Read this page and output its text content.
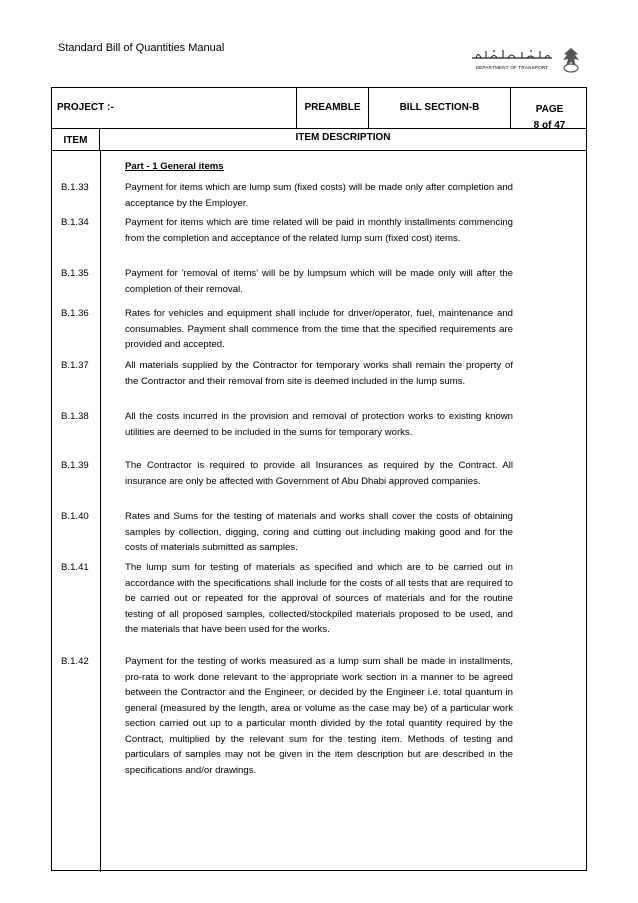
Standard Bill of Quantities Manual
DEPARTMENT OF TRANSPORT
PROJECT :-	PREAMBLE	BILL SECTION-B	PAGE
8 of 47
ITEM	ITEM DESCRIPTION
Part - 1 General items
B.1.33	Payment for items which are lump sum (fixed costs) will be made only after completion and acceptance by the Employer.
B.1.34	Payment for items which are time related will be paid in monthly installments commencing from the completion and acceptance of the related lump sum (fixed cost) items.
B.1.35	Payment for 'removal of items' will be by lumpsum which will be made only will after the completion of their removal.
B.1.36	Rates for vehicles and equipment shall include for driver/operator, fuel, maintenance and consumables. Payment shall commence from the time that the specified requirements are provided and accepted.
B.1.37	All materials supplied by the Contractor for temporary works shall remain the property of the Contractor and their removal from site is deemed included in the lump sums.
B.1.38	All the costs incurred in the provision and removal of protection works to existing known utilities are deemed to be included in the sums for temporary works.
B.1.39	The Contractor is required to provide all Insurances as required by the Contract. All insurance are only be affected with Government of Abu Dhabi approved companies.
B.1.40	Rates and Sums for the testing of materials and works shall cover the costs of obtaining samples by collection, digging, coring and cutting out including making good and for the costs of materials submitted as samples.
B.1.41	The lump sum for testing of materials as specified and which are to be carried out in accordance with the specifications shall include for the costs of all tests that are required to be carried out or repeated for the approval of sources of materials and for the routine testing of all proposed samples, collected/stockpiled materials proposed to be used, and the materials that have been used for the works.
B.1.42	Payment for the testing of works measured as a lump sum shall be made in installments, pro-rata to work done relevant to the appropriate work section in a manner to be agreed between the Contractor and the Engineer, or decided by the Engineer i.e. total quantum in general (measured by the length, area or volume as the case may be) of a particular work section carried out up to a particular month divided by the total quantity required by the Contract, multiplied by the relevant sum for the testing item. Methods of testing and particulars of samples may not be given in the item description but are described in the specifications and/or drawings.
